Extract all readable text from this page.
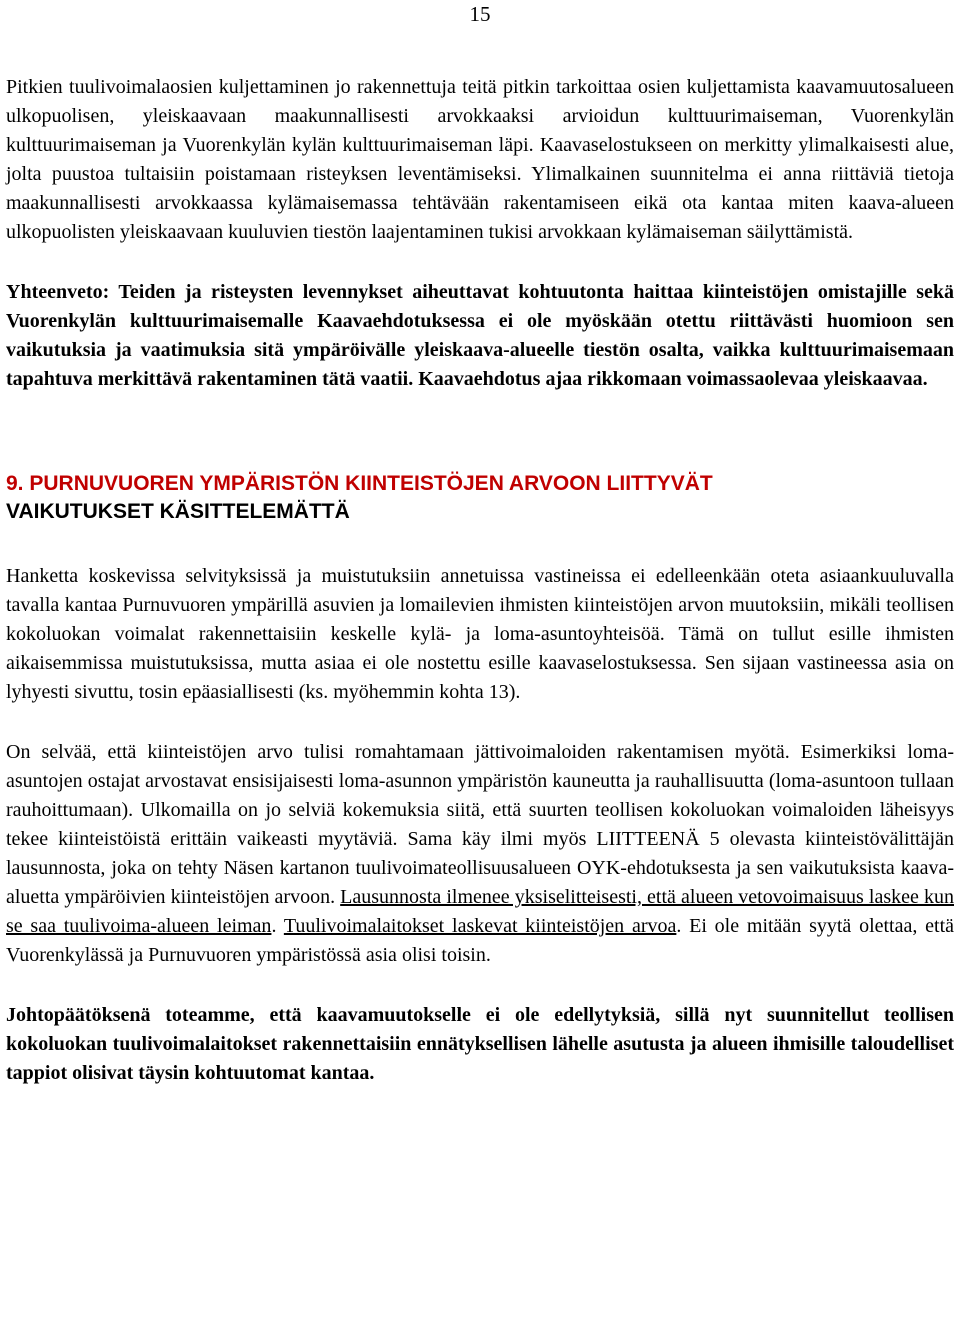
15

Pitkien tuulivoimalaosien kuljettaminen jo rakennettuja teitä pitkin tarkoittaa osien kuljettamista kaavamuutosalueen ulkopuolisen, yleiskaavaan maakunnallisesti arvokkaaksi arvioidun kulttuurimaiseman, Vuorenkylän kulttuurimaiseman ja Vuorenkylän kylän kulttuurimaiseman läpi. Kaavaselostukseen on merkitty ylimalkaisesti alue, jolta puustoa tultaisiin poistamaan risteyksen leventämiseksi. Ylimalkainen suunnitelma ei anna riittäviä tietoja maakunnallisesti arvokkaassa kylämaisemassa tehtävään rakentamiseen eikä ota kantaa miten kaava-alueen ulkopuolisten yleiskaavaan kuuluvien tiestön laajentaminen tukisi arvokkaan kylämaiseman säilyttämistä.

Yhteenveto: Teiden ja risteysten levennykset aiheuttavat kohtuutonta haittaa kiinteistöjen omistajille sekä Vuorenkylän kulttuurimaisemalle Kaavaehdotuksessa ei ole myöskään otettu riittävästi huomioon sen vaikutuksia ja vaatimuksia sitä ympäröivälle yleiskaava-alueelle tiestön osalta, vaikka kulttuurimaisemaan tapahtuva merkittävä rakentaminen tätä vaatii. Kaavaehdotus ajaa rikkomaan voimassaolevaa yleiskaavaa.

9. PURNUVUOREN YMPÄRISTÖN KIINTEISTÖJEN ARVOON LIITTYVÄT
VAIKUTUKSET KÄSITTELEMÄTTÄ

Hanketta koskevissa selvityksissä ja muistutuksiin annetuissa vastineissa ei edelleenkään oteta asiaankuuluvalla tavalla kantaa Purnuvuoren ympärillä asuvien ja lomailevien ihmisten kiinteistöjen arvon muutoksiin, mikäli teollisen kokoluokan voimalat rakennettaisiin keskelle kylä- ja loma-asuntoyhteisöä. Tämä on tullut esille ihmisten aikaisemmissa muistutuksissa, mutta asiaa ei ole nostettu esille kaavaselostuksessa. Sen sijaan vastineessa asia on lyhyesti sivuttu, tosin epäasiallisesti (ks. myöhemmin kohta 13).

On selvää, että kiinteistöjen arvo tulisi romahtamaan jättivoimaloiden rakentamisen myötä. Esimerkiksi loma-asuntojen ostajat arvostavat ensisijaisesti loma-asunnon ympäristön kauneutta ja rauhallisuutta (loma-asuntoon tullaan rauhoittumaan). Ulkomailla on jo selviä kokemuksia siitä, että suurten teollisen kokoluokan voimaloiden läheisyys tekee kiinteistöistä erittäin vaikeasti myytäviä. Sama käy ilmi myös LIITTEENÄ 5 olevasta kiinteistövälittäjän lausunnosta, joka on tehty Näsen kartanon tuulivoimateollisuusalueen OYK-ehdotuksesta ja sen vaikutuksista kaava-aluetta ympäröivien kiinteistöjen arvoon. Lausunnosta ilmenee yksiselitteisesti, että alueen vetovoimaisuus laskee kun se saa tuulivoima-alueen leiman. Tuulivoimalaitokset laskevat kiinteistöjen arvoa. Ei ole mitään syytä olettaa, että Vuorenkylässä ja Purnuvuoren ympäristössä asia olisi toisin.

Johtopäätöksenä toteamme, että kaavamuutokselle ei ole edellytyksiä, sillä nyt suunnitellut teollisen kokoluokan tuulivoimalaitokset rakennettaisiin ennätyksellisen lähelle asutusta ja alueen ihmisille taloudelliset tappiot olisivat täysin kohtuutomat kantaa.
